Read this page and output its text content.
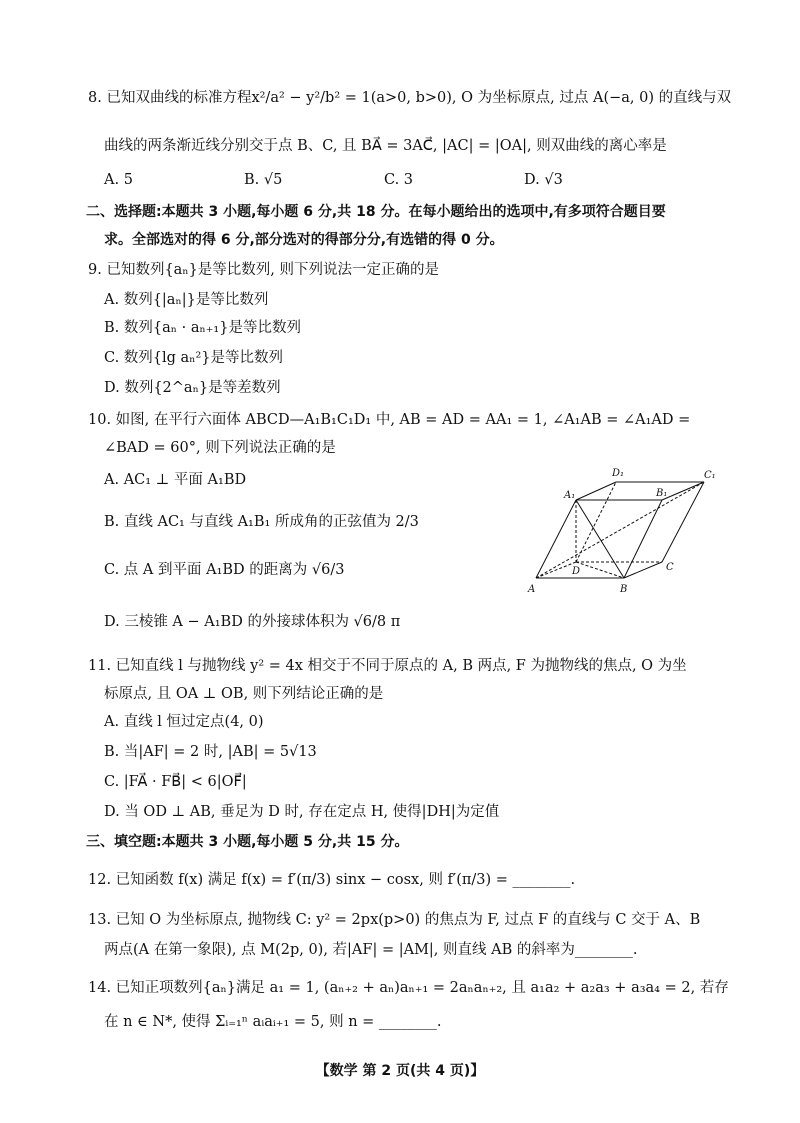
8. 已知双曲线的标准方程x²/a² − y²/b² = 1(a>0, b>0), O 为坐标原点, 过点 A(−a, 0) 的直线与双
曲线的两条渐近线分别交于点 B、C, 且 BA⃗ = 3AC⃗, |AC| = |OA|, 则双曲线的离心率是
A. 5	B. √5	C. 3	D. √3
二、选择题:本题共 3 小题,每小题 6 分,共 18 分。在每小题给出的选项中,有多项符合题目要
求。全部选对的得 6 分,部分选对的得部分分,有选错的得 0 分。
9. 已知数列{aₙ}是等比数列, 则下列说法一定正确的是
A. 数列{|aₙ|}是等比数列
B. 数列{aₙ · aₙ₊₁}是等比数列
C. 数列{lg aₙ²}是等比数列
D. 数列{2^aₙ}是等差数列
10. 如图, 在平行六面体 ABCD—A₁B₁C₁D₁ 中, AB = AD = AA₁ = 1, ∠A₁AB = ∠A₁AD =
∠BAD = 60°, 则下列说法正确的是
A. AC₁ ⊥ 平面 A₁BD
B. 直线 AC₁ 与直线 A₁B₁ 所成角的正弦值为 2/3
C. 点 A 到平面 A₁BD 的距离为 √6/3
D. 三棱锥 A − A₁BD 的外接球体积为 √6/8 π
A	B
C
D
A₁	B₁
C₁
D₁
11. 已知直线 l 与抛物线 y² = 4x 相交于不同于原点的 A, B 两点, F 为抛物线的焦点, O 为坐
标原点, 且 OA ⊥ OB, 则下列结论正确的是
A. 直线 l 恒过定点(4, 0)
B. 当|AF| = 2 时, |AB| = 5√13
C. |FA⃗ · FB⃗| < 6|OF⃗|
D. 当 OD ⊥ AB, 垂足为 D 时, 存在定点 H, 使得|DH|为定值
三、填空题:本题共 3 小题,每小题 5 分,共 15 分。
12. 已知函数 f(x) 满足 f(x) = f′(π/3) sinx − cosx, 则 f′(π/3) = ________.
13. 已知 O 为坐标原点, 抛物线 C: y² = 2px(p>0) 的焦点为 F, 过点 F 的直线与 C 交于 A、B
两点(A 在第一象限), 点 M(2p, 0), 若|AF| = |AM|, 则直线 AB 的斜率为________.
14. 已知正项数列{aₙ}满足 a₁ = 1, (aₙ₊₂ + aₙ)aₙ₊₁ = 2aₙaₙ₊₂, 且 a₁a₂ + a₂a₃ + a₃a₄ = 2, 若存
在 n ∈ N*, 使得 Σᵢ₌₁ⁿ aᵢaᵢ₊₁ = 5, 则 n = ________.
【数学 第 2 页(共 4 页)】
